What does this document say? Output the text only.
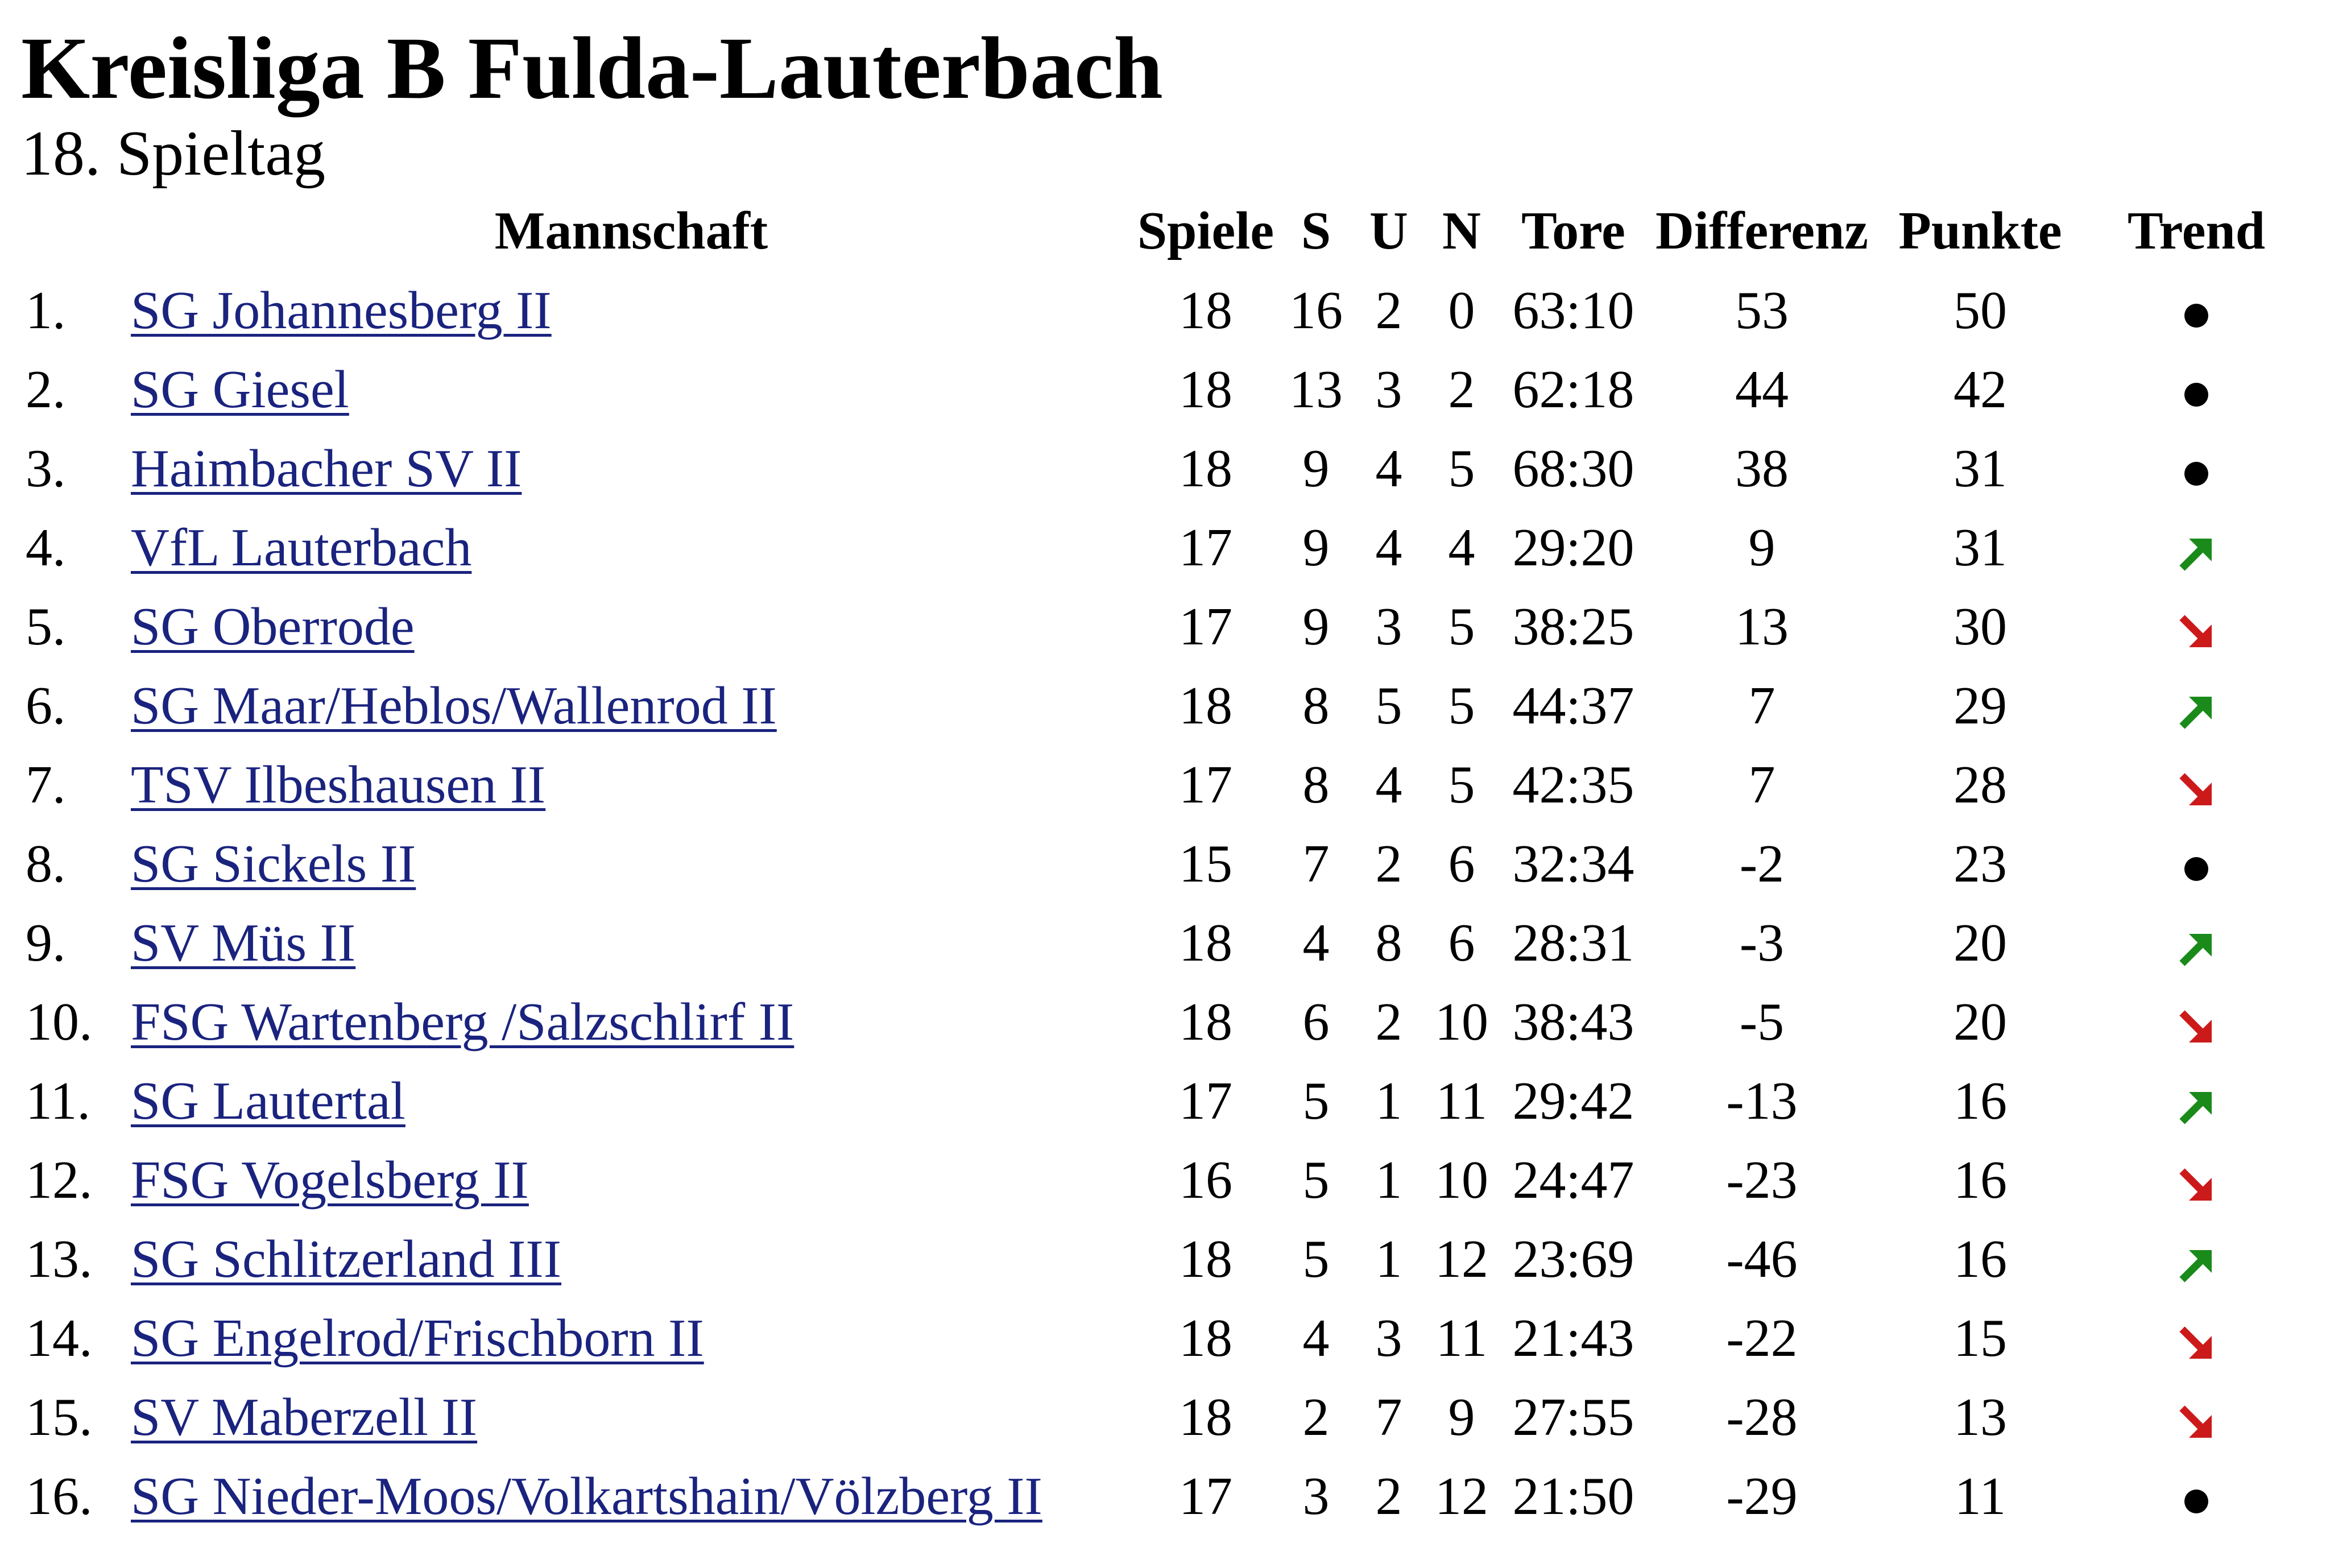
Kreisliga B Fulda-Lauterbach
18. Spieltag
	Mannschaft	Spiele	S	U	N	Tore	Differenz	Punkte	Trend
1.	SG Johannesberg II	18	16	2	0	63:10	53	50	
2.	SG Giesel	18	13	3	2	62:18	44	42	
3.	Haimbacher SV II	18	9	4	5	68:30	38	31	
4.	VfL Lauterbach	17	9	4	4	29:20	9	31	
5.	SG Oberrode	17	9	3	5	38:25	13	30	
6.	SG Maar/Heblos/Wallenrod II	18	8	5	5	44:37	7	29	
7.	TSV Ilbeshausen II	17	8	4	5	42:35	7	28	
8.	SG Sickels II	15	7	2	6	32:34	-2	23	
9.	SV Müs II	18	4	8	6	28:31	-3	20	
10.	FSG Wartenberg /Salzschlirf II	18	6	2	10	38:43	-5	20	
11.	SG Lautertal	17	5	1	11	29:42	-13	16	
12.	FSG Vogelsberg II	16	5	1	10	24:47	-23	16	
13.	SG Schlitzerland III	18	5	1	12	23:69	-46	16	
14.	SG Engelrod/Frischborn II	18	4	3	11	21:43	-22	15	
15.	SV Maberzell II	18	2	7	9	27:55	-28	13	
16.	SG Nieder-Moos/Volkartshain/Völzberg II	17	3	2	12	21:50	-29	11	
